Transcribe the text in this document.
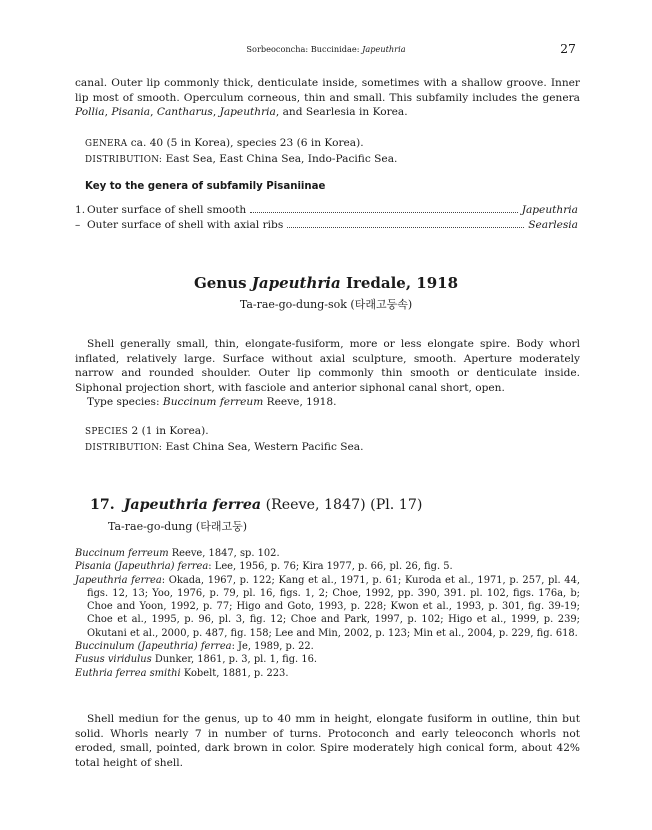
Sorbeoconcha: Buccinidae: Japeuthria	27
canal. Outer lip commonly thick, denticulate inside, sometimes with a shallow groove. Inner lip most of smooth. Operculum corneous, thin and small. This subfamily includes the genera Pollia, Pisania, Cantharus, Japeuthria, and Searlesia in Korea.
GENERA ca. 40 (5 in Korea), species 23 (6 in Korea).
DISTRIBUTION: East Sea, East China Sea, Indo-Pacific Sea.
Key to the genera of subfamily Pisaniinae
1. Outer surface of shell smooth	Japeuthria
– Outer surface of shell with axial ribs	Searlesia
Genus Japeuthria Iredale, 1918
Ta-rae-go-dung-sok (타래고둥속)
Shell generally small, thin, elongate-fusiform, more or less elongate spire. Body whorl inflated, relatively large. Surface without axial sculpture, smooth. Aperture moderately narrow and rounded shoulder. Outer lip commonly thin smooth or denticulate inside. Siphonal projection short, with fasciole and anterior siphonal canal short, open.
Type species: Buccinum ferreum Reeve, 1918.
SPECIES 2 (1 in Korea).
DISTRIBUTION: East China Sea, Western Pacific Sea.
17. Japeuthria ferrea (Reeve, 1847) (Pl. 17)
Ta-rae-go-dung (타래고둥)
Buccinum ferreum Reeve, 1847, sp. 102.
Pisania (Japeuthria) ferrea: Lee, 1956, p. 76; Kira 1977, p. 66, pl. 26, fig. 5.
Japeuthria ferrea: Okada, 1967, p. 122; Kang et al., 1971, p. 61; Kuroda et al., 1971, p. 257, pl. 44, figs. 12, 13; Yoo, 1976, p. 79, pl. 16, figs. 1, 2; Choe, 1992, pp. 390, 391. pl. 102, figs. 176a, b; Choe and Yoon, 1992, p. 77; Higo and Goto, 1993, p. 228; Kwon et al., 1993, p. 301, fig. 39-19; Choe et al., 1995, p. 96, pl. 3, fig. 12; Choe and Park, 1997, p. 102; Higo et al., 1999, p. 239; Okutani et al., 2000, p. 487, fig. 158; Lee and Min, 2002, p. 123; Min et al., 2004, p. 229, fig. 618.
Buccinulum (Japeuthria) ferrea: Je, 1989, p. 22.
Fusus viridulus Dunker, 1861, p. 3, pl. 1, fig. 16.
Euthria ferrea smithi Kobelt, 1881, p. 223.
Shell mediun for the genus, up to 40 mm in height, elongate fusiform in outline, thin but solid. Whorls nearly 7 in number of turns. Protoconch and early teleoconch whorls not eroded, small, pointed, dark brown in color. Spire moderately high conical form, about 42% total height of shell.
